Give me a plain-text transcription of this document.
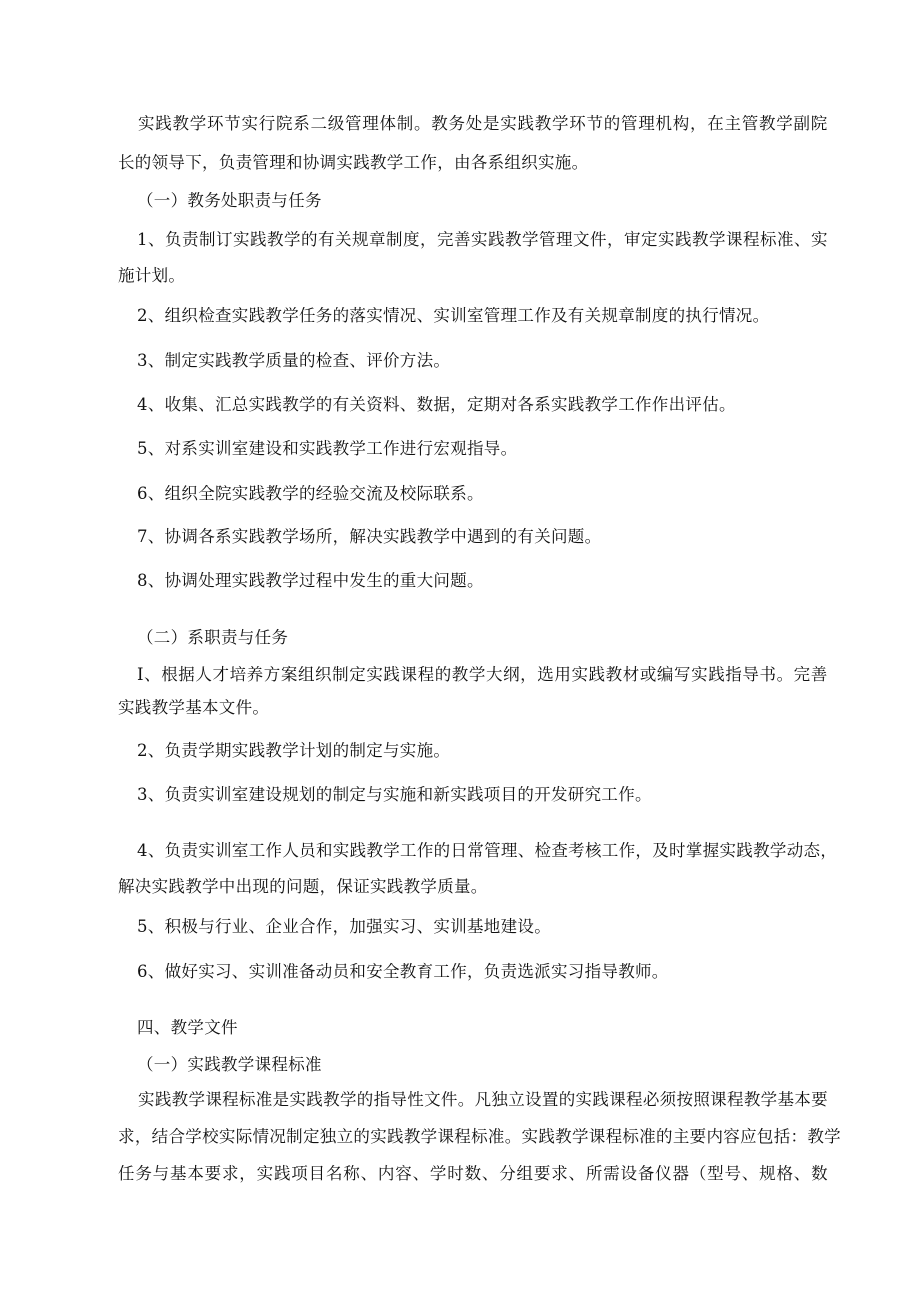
实 践 教 学 环 节 实 行 院 系 二 级 管 理 体 制 。 教 务 处 是 实 践 教 学 环 节 的 管 理 机 构 ， 在 主 管 教 学 副 院

长的领导下，负责管理和协调实践教学工作，由各系组织实施。

（一）教务处职责与任务

1 、 负 责 制 订 实 践 教 学 的 有 关 规 章 制 度 ， 完 善 实 践 教 学 管 理 文 件 ， 审 定 实 践 教 学 课 程 标 准 、 实

施计划。

2、组织检查实践教学任务的落实情况、实训室管理工作及有关规章制度的执行情况。

3、制定实践教学质量的检查、评价方法。

4、收集、汇总实践教学的有关资料、数据，定期对各系实践教学工作作出评估。

5、对系实训室建设和实践教学工作进行宏观指导。

6、组织全院实践教学的经验交流及校际联系。

7、协调各系实践教学场所，解决实践教学中遇到的有关问题。

8、协调处理实践教学过程中发生的重大问题。

（二）系职责与任务

I 、 根 据 人 才 培 养 方 案 组 织 制 定 实 践 课 程 的 教 学 大 纲 ， 选 用 实 践 教 材 或 编 写 实 践 指 导 书 。 完 善

实践教学基本文件。

2、负责学期实践教学计划的制定与实施。

3、负责实训室建设规划的制定与实施和新实践项目的开发研究工作。

4 、 负 责 实 训 室 工 作 人 员 和 实 践 教 学 工 作 的 日 常 管 理 、 检 查 考 核 工 作 ， 及 时 掌 握 实 践 教 学 动 态 ，

解决实践教学中出现的问题，保证实践教学质量。

5、积极与行业、企业合作，加强实习、实训基地建设。

6、做好实习、实训准备动员和安全教育工作，负责选派实习指导教师。

四、教学文件

（一）实践教学课程标准

实 践 教 学 课 程 标 准 是 实 践 教 学 的 指 导 性 文 件 。 凡 独 立 设 置 的 实 践 课 程 必 须 按 照 课 程 教 学 基 本 要

求 ， 结 合 学 校 实 际 情 况 制 定 独 立 的 实 践 教 学 课 程 标 准 。 实 践 教 学 课 程 标 准 的 主 要 内 容 应 包 括 ： 教 学

任 务 与 基 本 要 求 ， 实 践 项 目 名 称 、 内 容 、 学 时 数 、 分 组 要 求 、 所 需 设 备 仪 器 （ 型 号 、 规 格 、 数
